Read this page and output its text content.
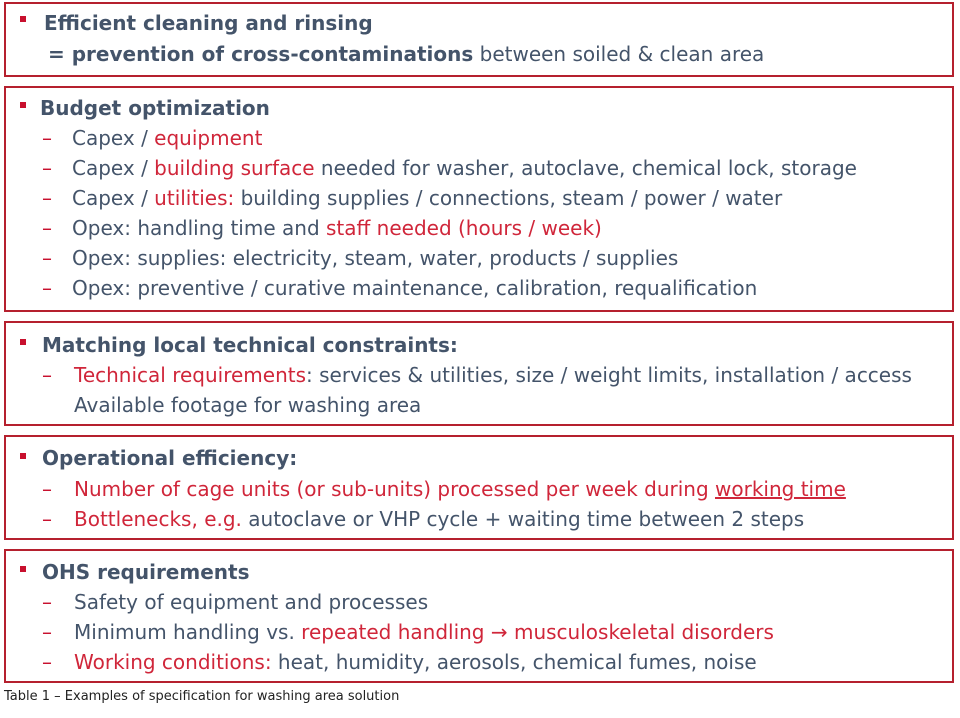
Efficient cleaning and rinsing
= prevention of cross-contaminations between soiled & clean area
Budget optimization
– Capex / equipment
– Capex / building surface needed for washer, autoclave, chemical lock, storage
– Capex / utilities: building supplies / connections, steam / power / water
– Opex: handling time and staff needed (hours / week)
– Opex: supplies: electricity, steam, water, products / supplies
– Opex: preventive / curative maintenance, calibration, requalification
Matching local technical constraints:
– Technical requirements: services & utilities, size / weight limits, installation / access
Available footage for washing area
Operational efficiency:
– Number of cage units (or sub-units) processed per week during working time
– Bottlenecks, e.g. autoclave or VHP cycle + waiting time between 2 steps
OHS requirements
– Safety of equipment and processes
– Minimum handling vs. repeated handling → musculoskeletal disorders
– Working conditions: heat, humidity, aerosols, chemical fumes, noise
Table 1 – Examples of specification for washing area solution
